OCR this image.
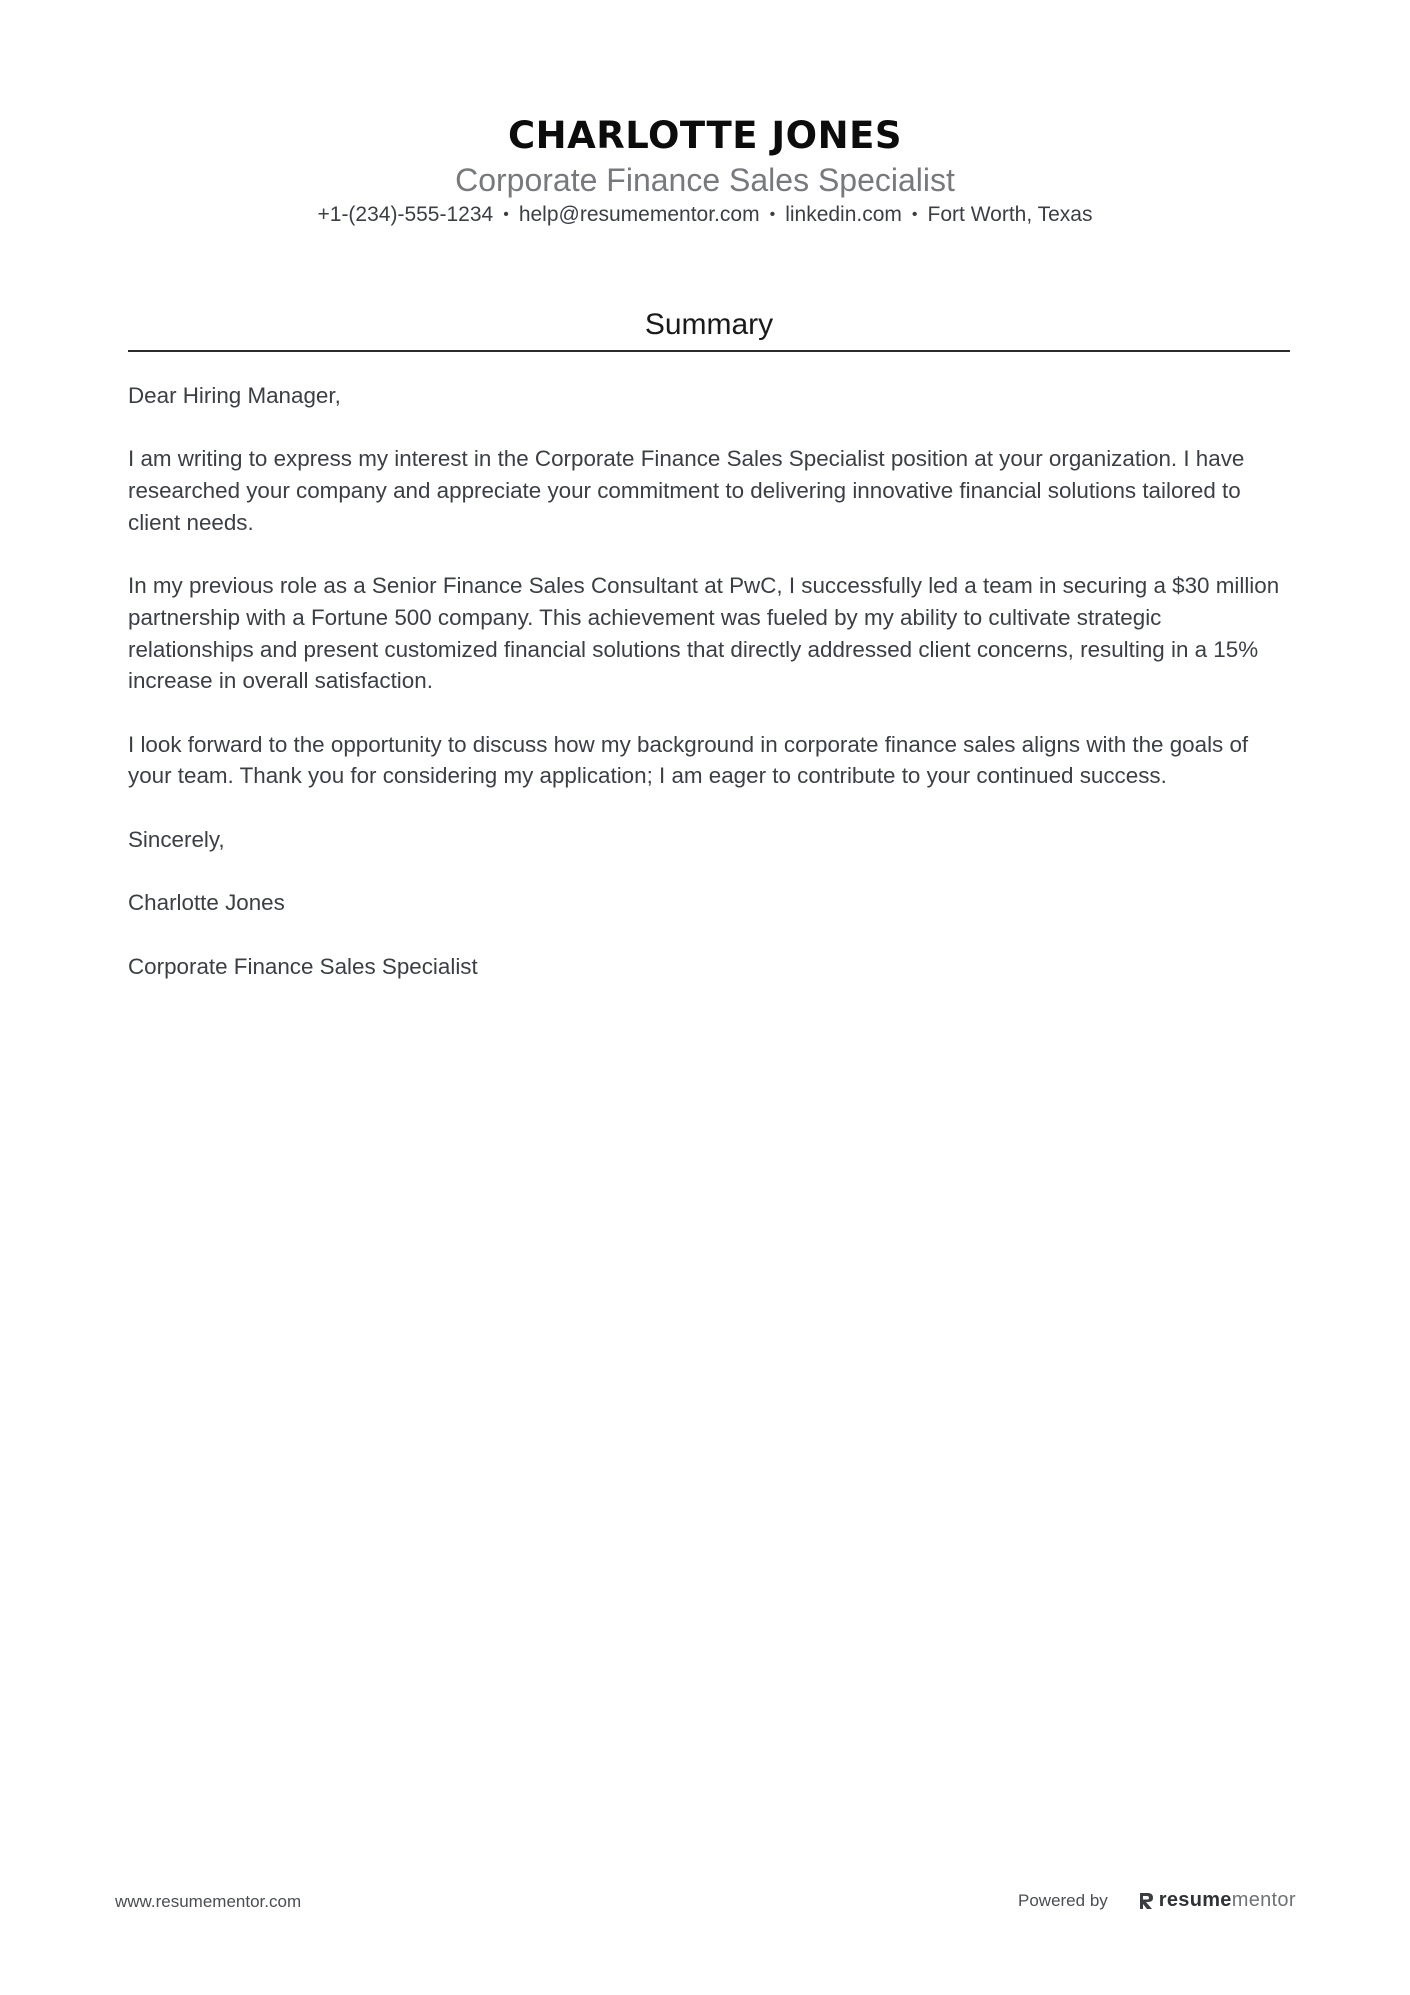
CHARLOTTE JONES
Corporate Finance Sales Specialist
+1-(234)-555-1234 • help@resumementor.com • linkedin.com • Fort Worth, Texas
Summary

Dear Hiring Manager,

I am writing to express my interest in the Corporate Finance Sales Specialist position at your organization. I have researched your company and appreciate your commitment to delivering innovative financial solutions tailored to client needs.

In my previous role as a Senior Finance Sales Consultant at PwC, I successfully led a team in securing a $30 million partnership with a Fortune 500 company. This achievement was fueled by my ability to cultivate strategic relationships and present customized financial solutions that directly addressed client concerns, resulting in a 15% increase in overall satisfaction.

I look forward to the opportunity to discuss how my background in corporate finance sales aligns with the goals of your team. Thank you for considering my application; I am eager to contribute to your continued success.

Sincerely,

Charlotte Jones

Corporate Finance Sales Specialist

www.resumementor.com	Powered by	resumementor
